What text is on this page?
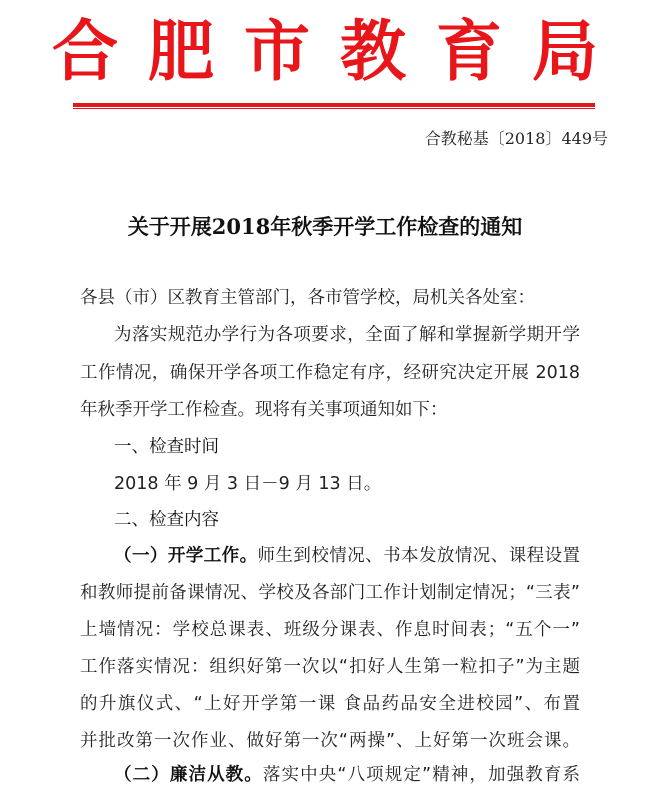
合肥市教育局
合教秘基〔2018〕449号
关于开展2018年秋季开学工作检查的通知
各县（市）区教育主管部门，各市管学校，局机关各处室：
为落实规范办学行为各项要求，全面了解和掌握新学期开学
工作情况，确保开学各项工作稳定有序，经研究决定开展 2018
年秋季开学工作检查。现将有关事项通知如下：
一、检查时间
2018 年 9 月 3 日－9 月 13 日。
二、检查内容
（一）开学工作。师生到校情况、书本发放情况、课程设置
和教师提前备课情况、学校及各部门工作计划制定情况；“三表”
上墙情况：学校总课表、班级分课表、作息时间表；“五个一”
工作落实情况：组织好第一次以“扣好人生第一粒扣子”为主题
的升旗仪式、“上好开学第一课 食品药品安全进校园”、布置
并批改第一次作业、做好第一次“两操”、上好第一次班会课。
（二）廉洁从教。落实中央“八项规定”精神，加强教育系
